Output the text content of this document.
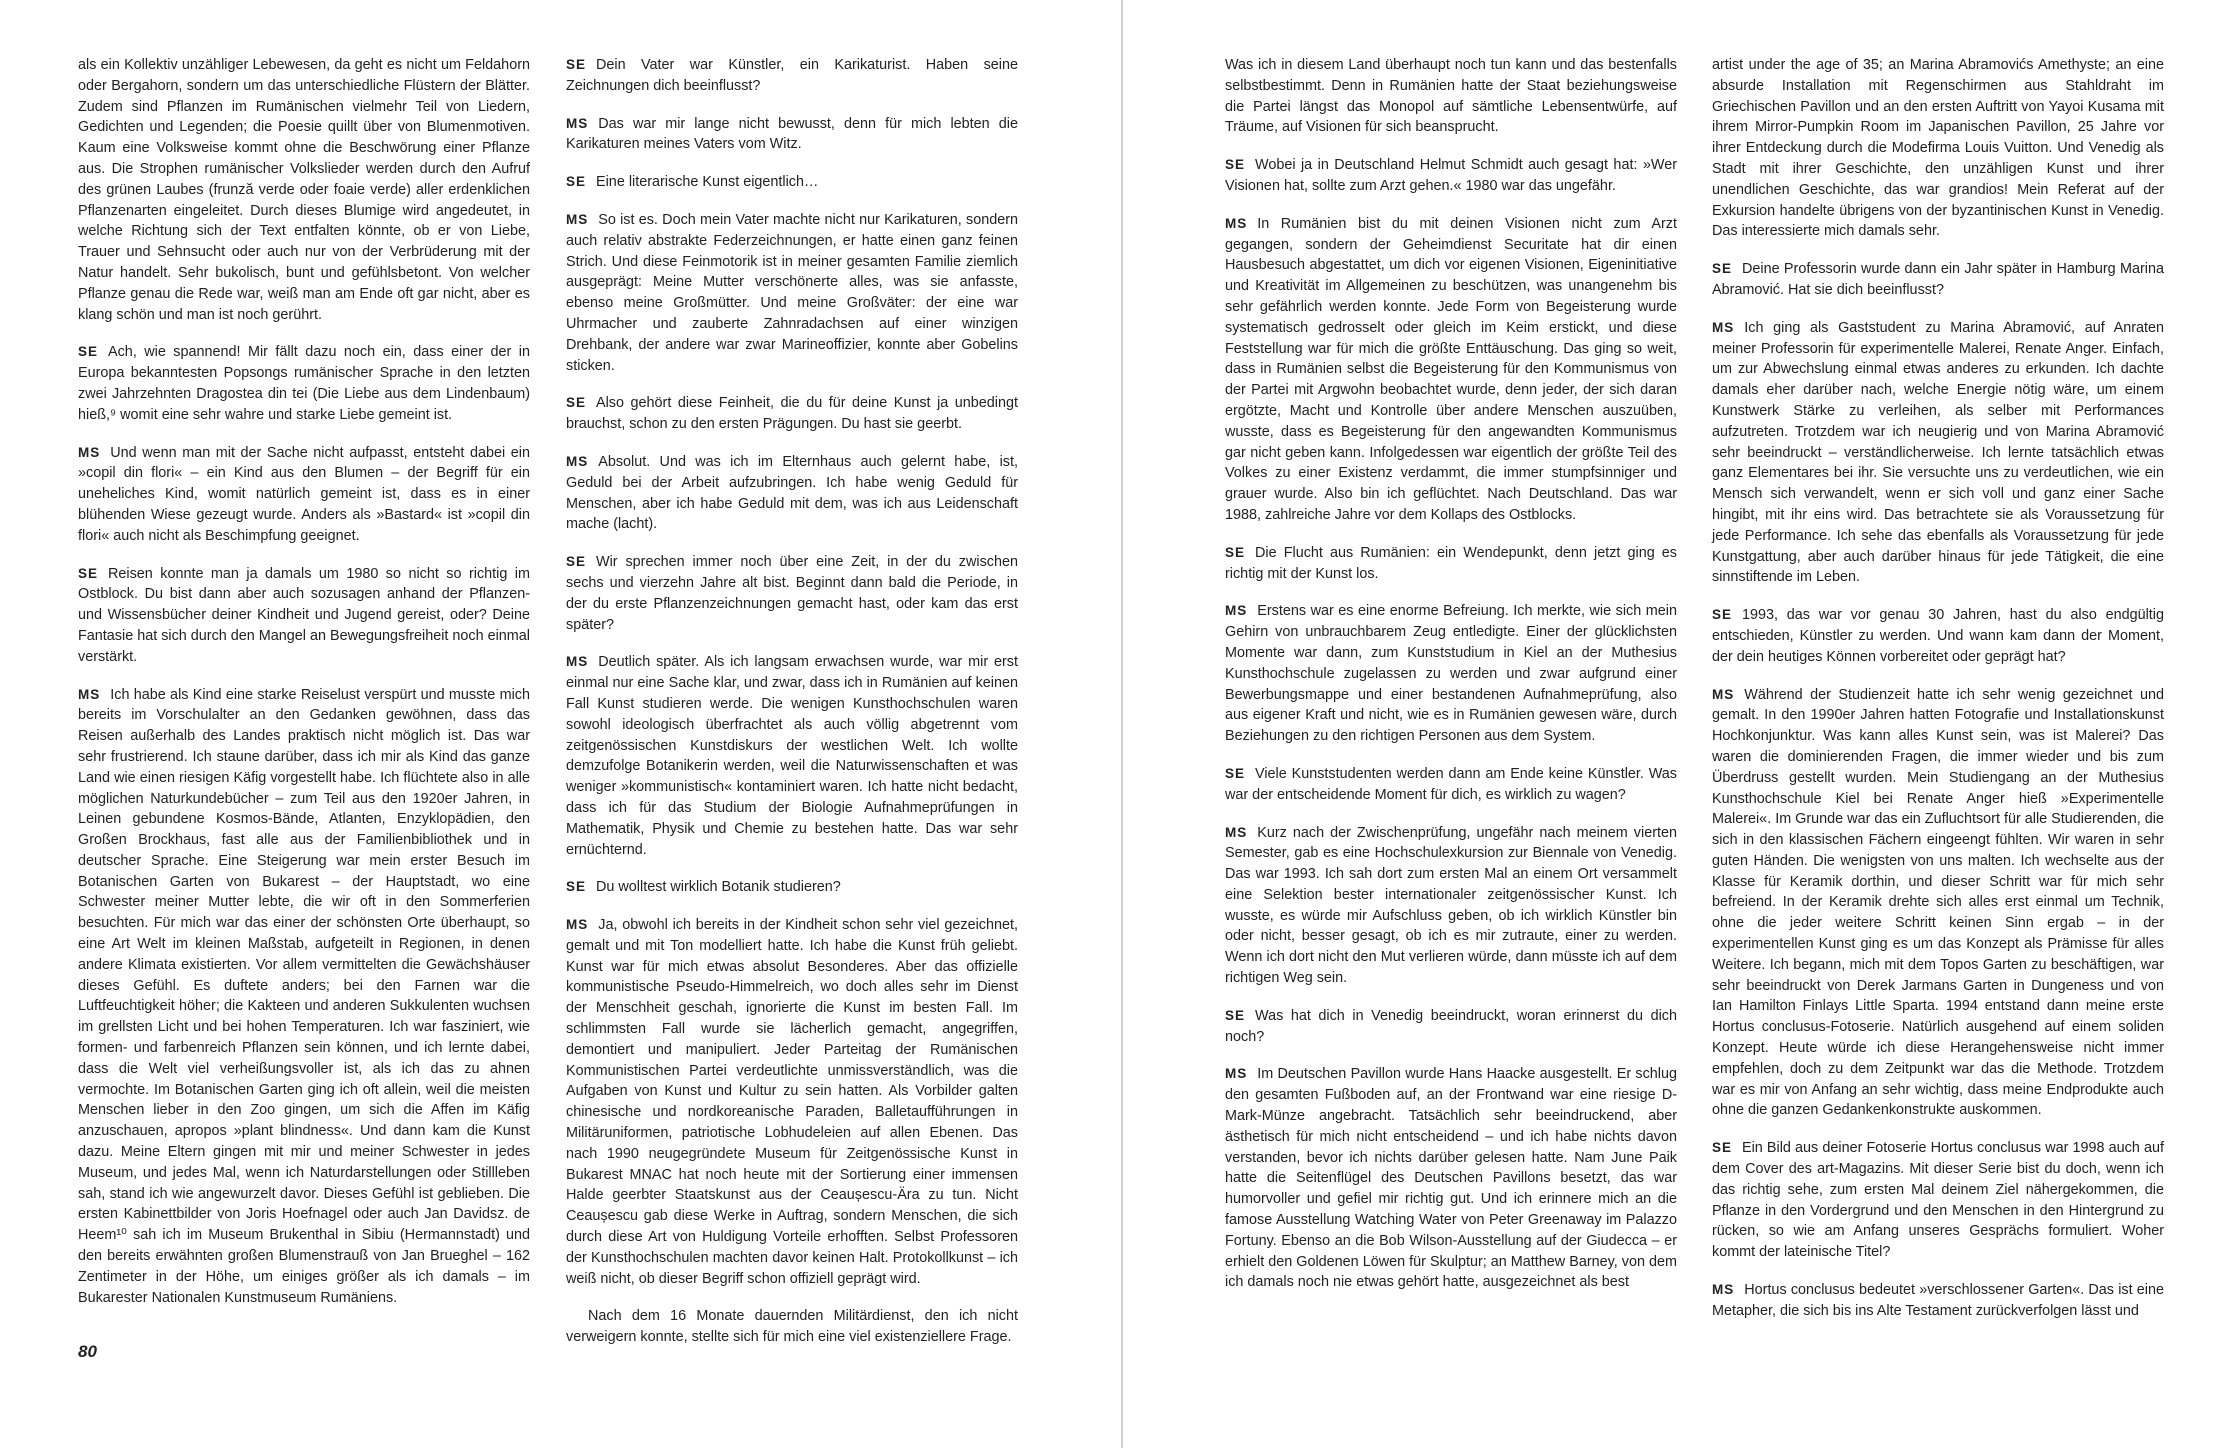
als ein Kollektiv unzähliger Lebewesen, da geht es nicht um Feldahorn oder Bergahorn, sondern um das unterschiedliche Flüstern der Blätter. Zudem sind Pflanzen im Rumänischen vielmehr Teil von Liedern, Gedichten und Legenden; die Poesie quillt über von Blumenmotiven. Kaum eine Volksweise kommt ohne die Beschwörung einer Pflanze aus. Die Strophen rumänischer Volkslieder werden durch den Aufruf des grünen Laubes (frunză verde oder foaie verde) aller erdenklichen Pflanzenarten eingeleitet. Durch dieses Blumige wird angedeutet, in welche Richtung sich der Text entfalten könnte, ob er von Liebe, Trauer und Sehnsucht oder auch nur von der Verbrüderung mit der Natur handelt. Sehr bukolisch, bunt und gefühlsbetont. Von welcher Pflanze genau die Rede war, weiß man am Ende oft gar nicht, aber es klang schön und man ist noch gerührt.

SE Ach, wie spannend! Mir fällt dazu noch ein, dass einer der in Europa bekanntesten Popsongs rumänischer Sprache in den letzten zwei Jahrzehnten Dragostea din tei (Die Liebe aus dem Lindenbaum) hieß,⁹ womit eine sehr wahre und starke Liebe gemeint ist.

MS Und wenn man mit der Sache nicht aufpasst, entsteht dabei ein »copil din flori« – ein Kind aus den Blumen – der Begriff für ein uneheliches Kind, womit natürlich gemeint ist, dass es in einer blühenden Wiese gezeugt wurde. Anders als »Bastard« ist »copil din flori« auch nicht als Beschimpfung geeignet.

SE Reisen konnte man ja damals um 1980 so nicht so richtig im Ostblock. Du bist dann aber auch sozusagen anhand der Pflanzen- und Wissensbücher deiner Kindheit und Jugend gereist, oder? Deine Fantasie hat sich durch den Mangel an Bewegungsfreiheit noch einmal verstärkt.

MS Ich habe als Kind eine starke Reiselust verspürt und musste mich bereits im Vorschulalter an den Gedanken gewöhnen, dass das Reisen außerhalb des Landes praktisch nicht möglich ist. Das war sehr frustrierend. Ich staune darüber, dass ich mir als Kind das ganze Land wie einen riesigen Käfig vorgestellt habe. Ich flüchtete also in alle möglichen Naturkundebücher – zum Teil aus den 1920er Jahren, in Leinen gebundene Kosmos-Bände, Atlanten, Enzyklopädien, den Großen Brockhaus, fast alle aus der Familienbibliothek und in deutscher Sprache. Eine Steigerung war mein erster Besuch im Botanischen Garten von Bukarest – der Hauptstadt, wo eine Schwester meiner Mutter lebte, die wir oft in den Sommerferien besuchten. Für mich war das einer der schönsten Orte überhaupt, so eine Art Welt im kleinen Maßstab, aufgeteilt in Regionen, in denen andere Klimata existierten. Vor allem vermittelten die Gewächshäuser dieses Gefühl. Es duftete anders; bei den Farnen war die Luftfeuchtigkeit höher; die Kakteen und anderen Sukkulenten wuchsen im grellsten Licht und bei hohen Temperaturen. Ich war fasziniert, wie formen- und farbenreich Pflanzen sein können, und ich lernte dabei, dass die Welt viel verheißungsvoller ist, als ich das zu ahnen vermochte. Im Botanischen Garten ging ich oft allein, weil die meisten Menschen lieber in den Zoo gingen, um sich die Affen im Käfig anzuschauen, apropos »plant blindness«. Und dann kam die Kunst dazu. Meine Eltern gingen mit mir und meiner Schwester in jedes Museum, und jedes Mal, wenn ich Naturdarstellungen oder Stillleben sah, stand ich wie angewurzelt davor. Dieses Gefühl ist geblieben. Die ersten Kabinettbilder von Joris Hoefnagel oder auch Jan Davidsz. de Heem¹⁰ sah ich im Museum Brukenthal in Sibiu (Hermannstadt) und den bereits erwähnten großen Blumenstrauß von Jan Brueghel – 162 Zentimeter in der Höhe, um einiges größer als ich damals – im Bukarester Nationalen Kunstmuseum Rumäniens.

SE Dein Vater war Künstler, ein Karikaturist. Haben seine Zeichnungen dich beeinflusst?

MS Das war mir lange nicht bewusst, denn für mich lebten die Karikaturen meines Vaters vom Witz.

SE Eine literarische Kunst eigentlich…

MS So ist es. Doch mein Vater machte nicht nur Karikaturen, sondern auch relativ abstrakte Federzeichnungen, er hatte einen ganz feinen Strich. Und diese Feinmotorik ist in meiner gesamten Familie ziemlich ausgeprägt: Meine Mutter verschönerte alles, was sie anfasste, ebenso meine Großmütter. Und meine Großväter: der eine war Uhrmacher und zauberte Zahnradachsen auf einer winzigen Drehbank, der andere war zwar Marineoffizier, konnte aber Gobelins sticken.

SE Also gehört diese Feinheit, die du für deine Kunst ja unbedingt brauchst, schon zu den ersten Prägungen. Du hast sie geerbt.

MS Absolut. Und was ich im Elternhaus auch gelernt habe, ist, Geduld bei der Arbeit aufzubringen. Ich habe wenig Geduld für Menschen, aber ich habe Geduld mit dem, was ich aus Leidenschaft mache (lacht).

SE Wir sprechen immer noch über eine Zeit, in der du zwischen sechs und vierzehn Jahre alt bist. Beginnt dann bald die Periode, in der du erste Pflanzenzeichnungen gemacht hast, oder kam das erst später?

MS Deutlich später. Als ich langsam erwachsen wurde, war mir erst einmal nur eine Sache klar, und zwar, dass ich in Rumänien auf keinen Fall Kunst studieren werde. Die wenigen Kunsthochschulen waren sowohl ideologisch überfrachtet als auch völlig abgetrennt vom zeitgenössischen Kunstdiskurs der westlichen Welt. Ich wollte demzufolge Botanikerin werden, weil die Naturwissenschaften et was weniger »kommunistisch« kontaminiert waren. Ich hatte nicht bedacht, dass ich für das Studium der Biologie Aufnahmeprüfungen in Mathematik, Physik und Chemie zu bestehen hatte. Das war sehr ernüchternd.

SE Du wolltest wirklich Botanik studieren?

MS Ja, obwohl ich bereits in der Kindheit schon sehr viel gezeichnet, gemalt und mit Ton modelliert hatte. Ich habe die Kunst früh geliebt. Kunst war für mich etwas absolut Besonderes. Aber das offizielle kommunistische Pseudo-Himmelreich, wo doch alles sehr im Dienst der Menschheit geschah, ignorierte die Kunst im besten Fall. Im schlimmsten Fall wurde sie lächerlich gemacht, angegriffen, demontiert und manipuliert. Jeder Parteitag der Rumänischen Kommunistischen Partei verdeutlichte unmissverständlich, was die Aufgaben von Kunst und Kultur zu sein hatten. Als Vorbilder galten chinesische und nordkoreanische Paraden, Balletaufführungen in Militäruniformen, patriotische Lobhudeleien auf allen Ebenen. Das nach 1990 neugegründete Museum für Zeitgenössische Kunst in Bukarest MNAC hat noch heute mit der Sortierung einer immensen Halde geerbter Staatskunst aus der Ceaușescu-Ära zu tun. Nicht Ceaușescu gab diese Werke in Auftrag, sondern Menschen, die sich durch diese Art von Huldigung Vorteile erhofften. Selbst Professoren der Kunsthochschulen machten davor keinen Halt. Protokollkunst – ich weiß nicht, ob dieser Begriff schon offiziell geprägt wird.

Nach dem 16 Monate dauernden Militärdienst, den ich nicht verweigern konnte, stellte sich für mich eine viel existenziellere Frage.

80

Was ich in diesem Land überhaupt noch tun kann und das bestenfalls selbstbestimmt. Denn in Rumänien hatte der Staat beziehungsweise die Partei längst das Monopol auf sämtliche Lebensentwürfe, auf Träume, auf Visionen für sich beansprucht.

SE Wobei ja in Deutschland Helmut Schmidt auch gesagt hat: »Wer Visionen hat, sollte zum Arzt gehen.« 1980 war das ungefähr.

MS In Rumänien bist du mit deinen Visionen nicht zum Arzt gegangen, sondern der Geheimdienst Securitate hat dir einen Hausbesuch abgestattet, um dich vor eigenen Visionen, Eigeninitiative und Kreativität im Allgemeinen zu beschützen, was unangenehm bis sehr gefährlich werden konnte. Jede Form von Begeisterung wurde systematisch gedrosselt oder gleich im Keim erstickt, und diese Feststellung war für mich die größte Enttäuschung. Das ging so weit, dass in Rumänien selbst die Begeisterung für den Kommunismus von der Partei mit Argwohn beobachtet wurde, denn jeder, der sich daran ergötzte, Macht und Kontrolle über andere Menschen auszuüben, wusste, dass es Begeisterung für den angewandten Kommunismus gar nicht geben kann. Infolgedessen war eigentlich der größte Teil des Volkes zu einer Existenz verdammt, die immer stumpfsinniger und grauer wurde. Also bin ich geflüchtet. Nach Deutschland. Das war 1988, zahlreiche Jahre vor dem Kollaps des Ostblocks.

SE Die Flucht aus Rumänien: ein Wendepunkt, denn jetzt ging es richtig mit der Kunst los.

MS Erstens war es eine enorme Befreiung. Ich merkte, wie sich mein Gehirn von unbrauchbarem Zeug entledigte. Einer der glücklichsten Momente war dann, zum Kunststudium in Kiel an der Muthesius Kunsthochschule zugelassen zu werden und zwar aufgrund einer Bewerbungsmappe und einer bestandenen Aufnahmeprüfung, also aus eigener Kraft und nicht, wie es in Rumänien gewesen wäre, durch Beziehungen zu den richtigen Personen aus dem System.

SE Viele Kunststudenten werden dann am Ende keine Künstler. Was war der entscheidende Moment für dich, es wirklich zu wagen?

MS Kurz nach der Zwischenprüfung, ungefähr nach meinem vierten Semester, gab es eine Hochschulexkursion zur Biennale von Venedig. Das war 1993. Ich sah dort zum ersten Mal an einem Ort versammelt eine Selektion bester internationaler zeitgenössischer Kunst. Ich wusste, es würde mir Aufschluss geben, ob ich wirklich Künstler bin oder nicht, besser gesagt, ob ich es mir zutraute, einer zu werden. Wenn ich dort nicht den Mut verlieren würde, dann müsste ich auf dem richtigen Weg sein.

SE Was hat dich in Venedig beeindruckt, woran erinnerst du dich noch?

MS Im Deutschen Pavillon wurde Hans Haacke ausgestellt. Er schlug den gesamten Fußboden auf, an der Frontwand war eine riesige D-Mark-Münze angebracht. Tatsächlich sehr beeindruckend, aber ästhetisch für mich nicht entscheidend – und ich habe nichts davon verstanden, bevor ich nichts darüber gelesen hatte. Nam June Paik hatte die Seitenflügel des Deutschen Pavillons besetzt, das war humorvoller und gefiel mir richtig gut. Und ich erinnere mich an die famose Ausstellung Watching Water von Peter Greenaway im Palazzo Fortuny. Ebenso an die Bob Wilson-Ausstellung auf der Giudecca – er erhielt den Goldenen Löwen für Skulptur; an Matthew Barney, von dem ich damals noch nie etwas gehört hatte, ausgezeichnet als best

artist under the age of 35; an Marina Abramovićs Amethyste; an eine absurde Installation mit Regenschirmen aus Stahldraht im Griechischen Pavillon und an den ersten Auftritt von Yayoi Kusama mit ihrem Mirror-Pumpkin Room im Japanischen Pavillon, 25 Jahre vor ihrer Entdeckung durch die Modefirma Louis Vuitton. Und Venedig als Stadt mit ihrer Geschichte, den unzähligen Kunst und ihrer unendlichen Geschichte, das war grandios! Mein Referat auf der Exkursion handelte übrigens von der byzantinischen Kunst in Venedig. Das interessierte mich damals sehr.

SE Deine Professorin wurde dann ein Jahr später in Hamburg Marina Abramović. Hat sie dich beeinflusst?

MS Ich ging als Gaststudent zu Marina Abramović, auf Anraten meiner Professorin für experimentelle Malerei, Renate Anger. Einfach, um zur Abwechslung einmal etwas anderes zu erkunden. Ich dachte damals eher darüber nach, welche Energie nötig wäre, um einem Kunstwerk Stärke zu verleihen, als selber mit Performances aufzutreten. Trotzdem war ich neugierig und von Marina Abramović sehr beeindruckt – verständlicherweise. Ich lernte tatsächlich etwas ganz Elementares bei ihr. Sie versuchte uns zu verdeutlichen, wie ein Mensch sich verwandelt, wenn er sich voll und ganz einer Sache hingibt, mit ihr eins wird. Das betrachtete sie als Voraussetzung für jede Performance. Ich sehe das ebenfalls als Voraussetzung für jede Kunstgattung, aber auch darüber hinaus für jede Tätigkeit, die eine sinnstiftende im Leben.

SE 1993, das war vor genau 30 Jahren, hast du also endgültig entschieden, Künstler zu werden. Und wann kam dann der Moment, der dein heutiges Können vorbereitet oder geprägt hat?

MS Während der Studienzeit hatte ich sehr wenig gezeichnet und gemalt. In den 1990er Jahren hatten Fotografie und Installationskunst Hochkonjunktur. Was kann alles Kunst sein, was ist Malerei? Das waren die dominierenden Fragen, die immer wieder und bis zum Überdruss gestellt wurden. Mein Studiengang an der Muthesius Kunsthochschule Kiel bei Renate Anger hieß »Experimentelle Malerei«. Im Grunde war das ein Zufluchtsort für alle Studierenden, die sich in den klassischen Fächern eingeengt fühlten. Wir waren in sehr guten Händen. Die wenigsten von uns malten. Ich wechselte aus der Klasse für Keramik dorthin, und dieser Schritt war für mich sehr befreiend. In der Keramik drehte sich alles erst einmal um Technik, ohne die jeder weitere Schritt keinen Sinn ergab – in der experimentellen Kunst ging es um das Konzept als Prämisse für alles Weitere. Ich begann, mich mit dem Topos Garten zu beschäftigen, war sehr beeindruckt von Derek Jarmans Garten in Dungeness und von Ian Hamilton Finlays Little Sparta. 1994 entstand dann meine erste Hortus conclusus-Fotoserie. Natürlich ausgehend auf einem soliden Konzept. Heute würde ich diese Herangehensweise nicht immer empfehlen, doch zu dem Zeitpunkt war das die Methode. Trotzdem war es mir von Anfang an sehr wichtig, dass meine Endprodukte auch ohne die ganzen Gedankenkonstrukte auskommen.

SE Ein Bild aus deiner Fotoserie Hortus conclusus war 1998 auch auf dem Cover des art-Magazins. Mit dieser Serie bist du doch, wenn ich das richtig sehe, zum ersten Mal deinem Ziel nähergekommen, die Pflanze in den Vordergrund und den Menschen in den Hintergrund zu rücken, so wie am Anfang unseres Gesprächs formuliert. Woher kommt der lateinische Titel?

MS Hortus conclusus bedeutet »verschlossener Garten«. Das ist eine Metapher, die sich bis ins Alte Testament zurückverfolgen lässt und
